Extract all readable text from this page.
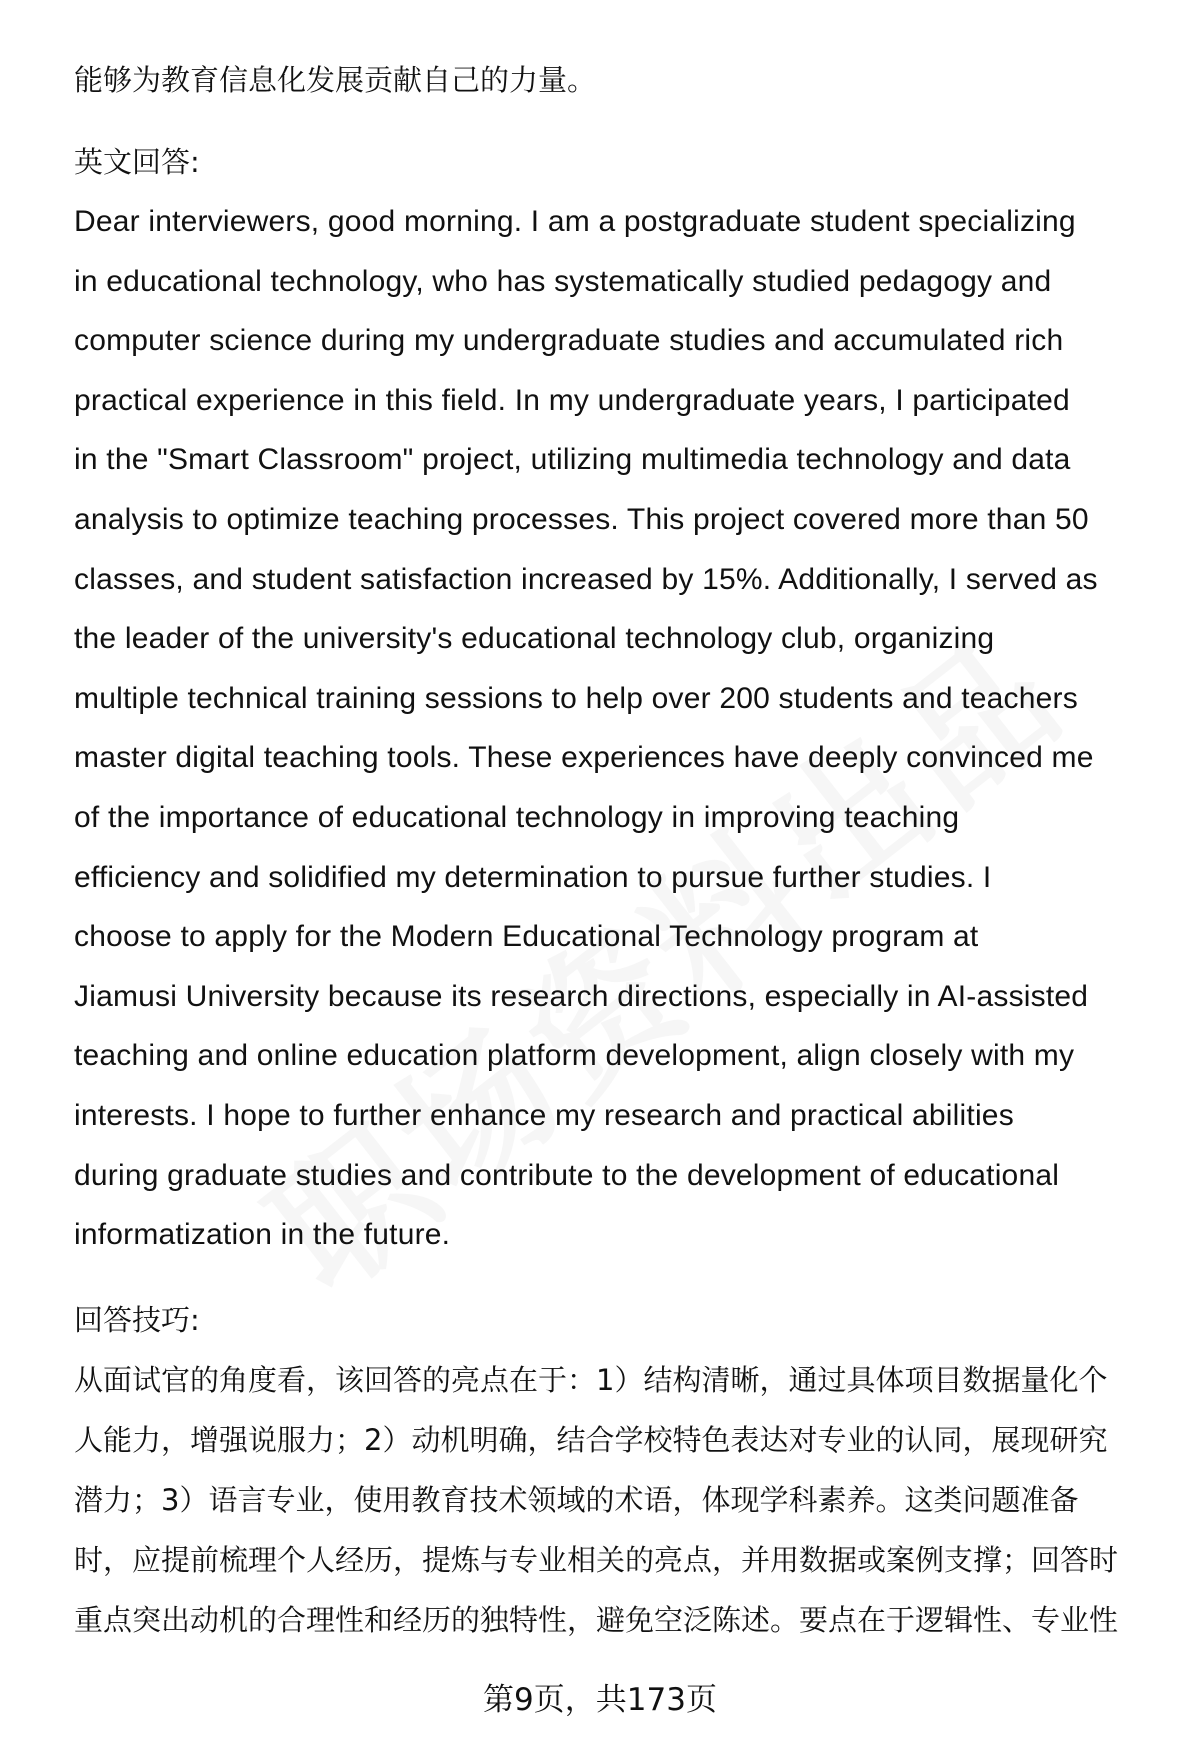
能够为教育信息化发展贡献自己的力量。

英文回答:

Dear interviewers, good morning. I am a postgraduate student specializing

in educational technology, who has systematically studied pedagogy and

computer science during my undergraduate studies and accumulated rich

practical experience in this field. In my undergraduate years, I participated

in the "Smart Classroom" project, utilizing multimedia technology and data

analysis to optimize teaching processes. This project covered more than 50

classes, and student satisfaction increased by 15%. Additionally, I served as

the leader of the university's educational technology club, organizing

multiple technical training sessions to help over 200 students and teachers

master digital teaching tools. These experiences have deeply convinced me

of the importance of educational technology in improving teaching

efficiency and solidified my determination to pursue further studies. I

choose to apply for the Modern Educational Technology program at

Jiamusi University because its research directions, especially in AI-assisted

teaching and online education platform development, align closely with my

interests. I hope to further enhance my research and practical abilities

during graduate studies and contribute to the development of educational

informatization in the future.

回答技巧:

从面试官的角度看，该回答的亮点在于：1）结构清晰，通过具体项目数据量化个

人能力，增强说服力；2）动机明确，结合学校特色表达对专业的认同，展现研究

潜力；3）语言专业，使用教育技术领域的术语，体现学科素养。这类问题准备

时，应提前梳理个人经历，提炼与专业相关的亮点，并用数据或案例支撑；回答时

重点突出动机的合理性和经历的独特性，避免空泛陈述。要点在于逻辑性、专业性

第9页，共173页
